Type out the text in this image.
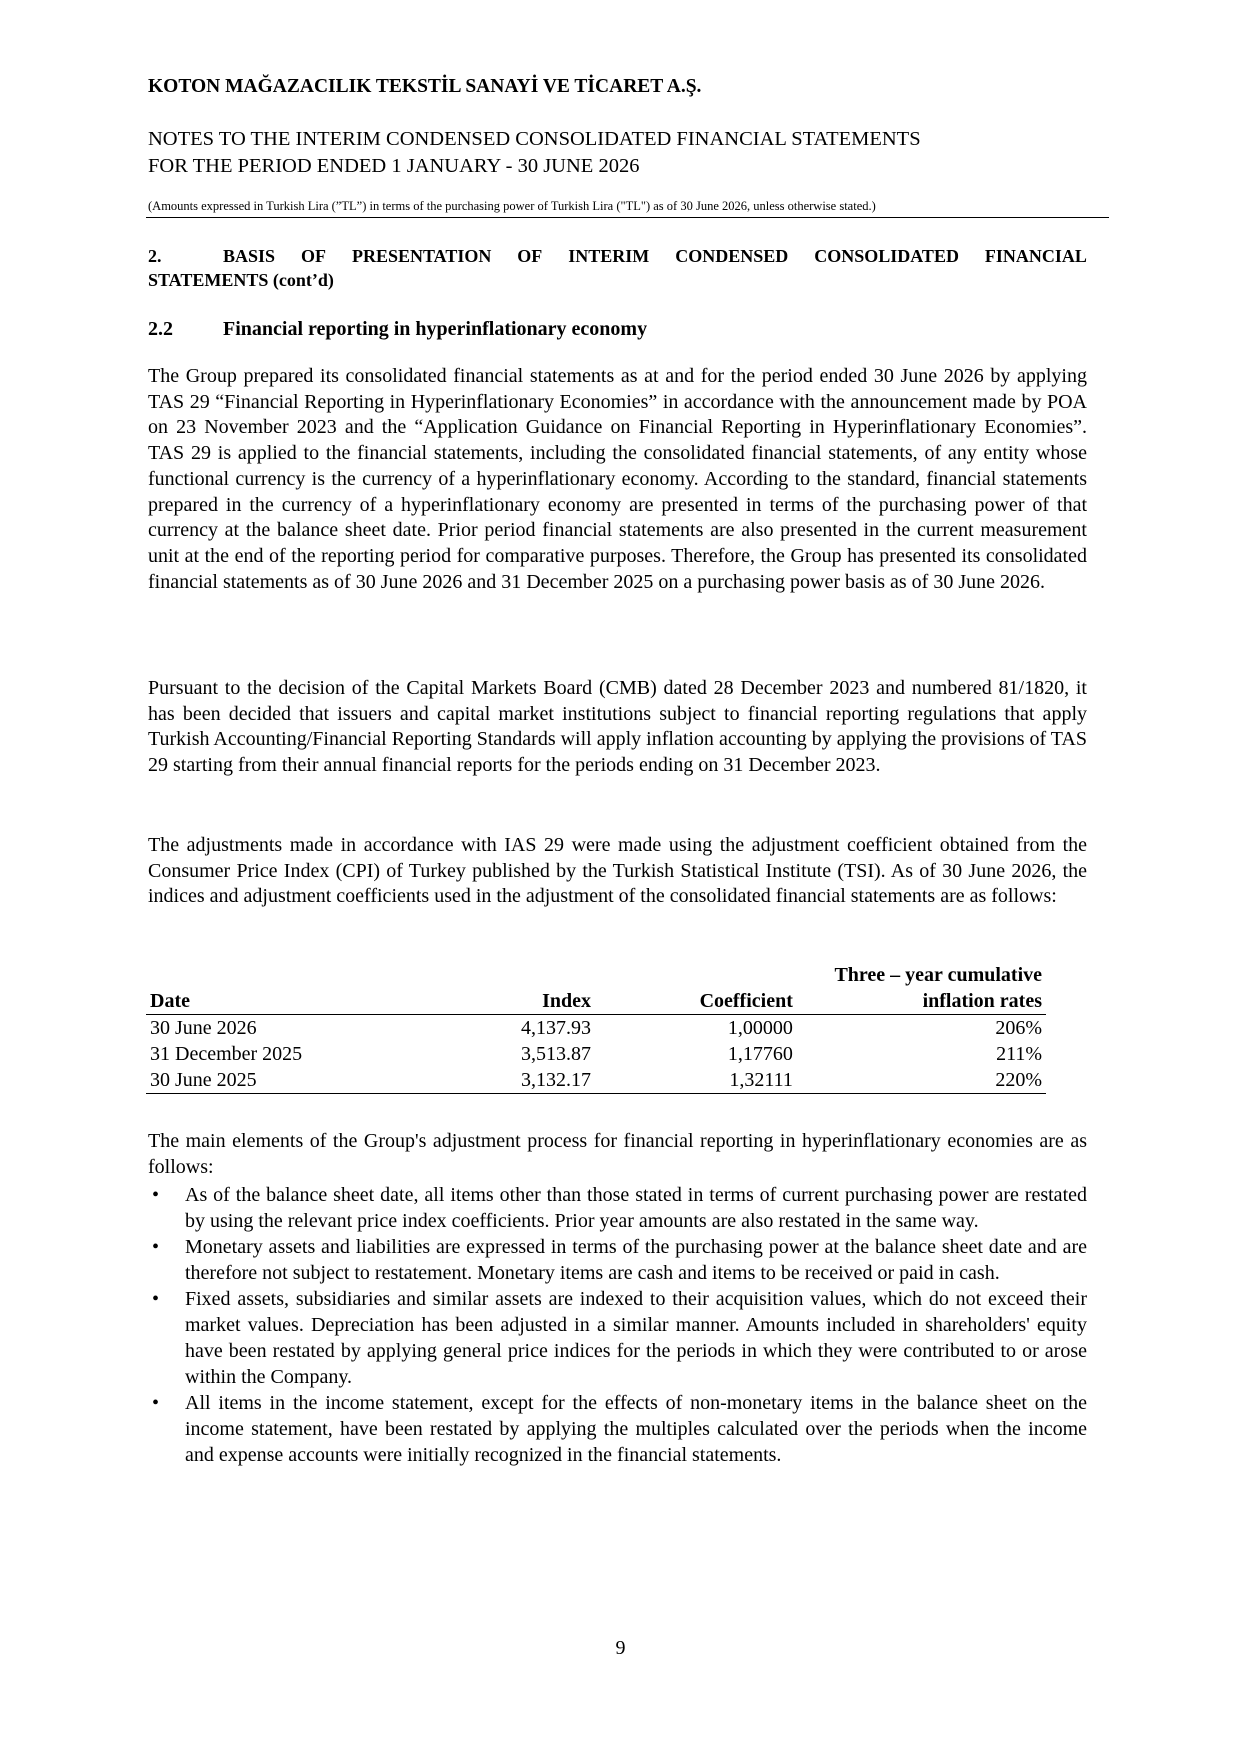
KOTON MAĞAZACILIK TEKSTİL SANAYİ VE TİCARET A.Ş.
NOTES TO THE INTERIM CONDENSED CONSOLIDATED FINANCIAL STATEMENTS
FOR THE PERIOD ENDED 1 JANUARY - 30 JUNE 2026
(Amounts expressed in Turkish Lira (”TL”) in terms of the purchasing power of Turkish Lira ("TL") as of 30 June 2026, unless otherwise stated.)
2.	BASIS OF PRESENTATION OF INTERIM CONDENSED CONSOLIDATED FINANCIAL
STATEMENTS (cont’d)
2.2	Financial reporting in hyperinflationary economy

The Group prepared its consolidated financial statements as at and for the period ended 30 June 2026 by applying TAS 29 “Financial Reporting in Hyperinflationary Economies” in accordance with the announcement made by POA on 23 November 2023 and the “Application Guidance on Financial Reporting in Hyperinflationary Economies”. TAS 29 is applied to the financial statements, including the consolidated financial statements, of any entity whose functional currency is the currency of a hyperinflationary economy. According to the standard, financial statements prepared in the currency of a hyperinflationary economy are presented in terms of the purchasing power of that currency at the balance sheet date. Prior period financial statements are also presented in the current measurement unit at the end of the reporting period for comparative purposes. Therefore, the Group has presented its consolidated financial statements as of 30 June 2026 and 31 December 2025 on a purchasing power basis as of 30 June 2026.

Pursuant to the decision of the Capital Markets Board (CMB) dated 28 December 2023 and numbered 81/1820, it has been decided that issuers and capital market institutions subject to financial reporting regulations that apply Turkish Accounting/Financial Reporting Standards will apply inflation accounting by applying the provisions of TAS 29 starting from their annual financial reports for the periods ending on 31 December 2023.

The adjustments made in accordance with IAS 29 were made using the adjustment coefficient obtained from the Consumer Price Index (CPI) of Turkey published by the Turkish Statistical Institute (TSI). As of 30 June 2026, the indices and adjustment coefficients used in the adjustment of the consolidated financial statements are as follows:

			Three – year cumulative
Date	Index	Coefficient	inflation rates
30 June 2026	4,137.93	1,00000	206%
31 December 2025	3,513.87	1,17760	211%
30 June 2025	3,132.17	1,32111	220%

The main elements of the Group's adjustment process for financial reporting in hyperinflationary economies are as follows:

• As of the balance sheet date, all items other than those stated in terms of current purchasing power are restated by using the relevant price index coefficients. Prior year amounts are also restated in the same way.
• Monetary assets and liabilities are expressed in terms of the purchasing power at the balance sheet date and are therefore not subject to restatement. Monetary items are cash and items to be received or paid in cash.
• Fixed assets, subsidiaries and similar assets are indexed to their acquisition values, which do not exceed their market values. Depreciation has been adjusted in a similar manner. Amounts included in shareholders' equity have been restated by applying general price indices for the periods in which they were contributed to or arose within the Company.
• All items in the income statement, except for the effects of non-monetary items in the balance sheet on the income statement, have been restated by applying the multiples calculated over the periods when the income and expense accounts were initially recognized in the financial statements.
9
